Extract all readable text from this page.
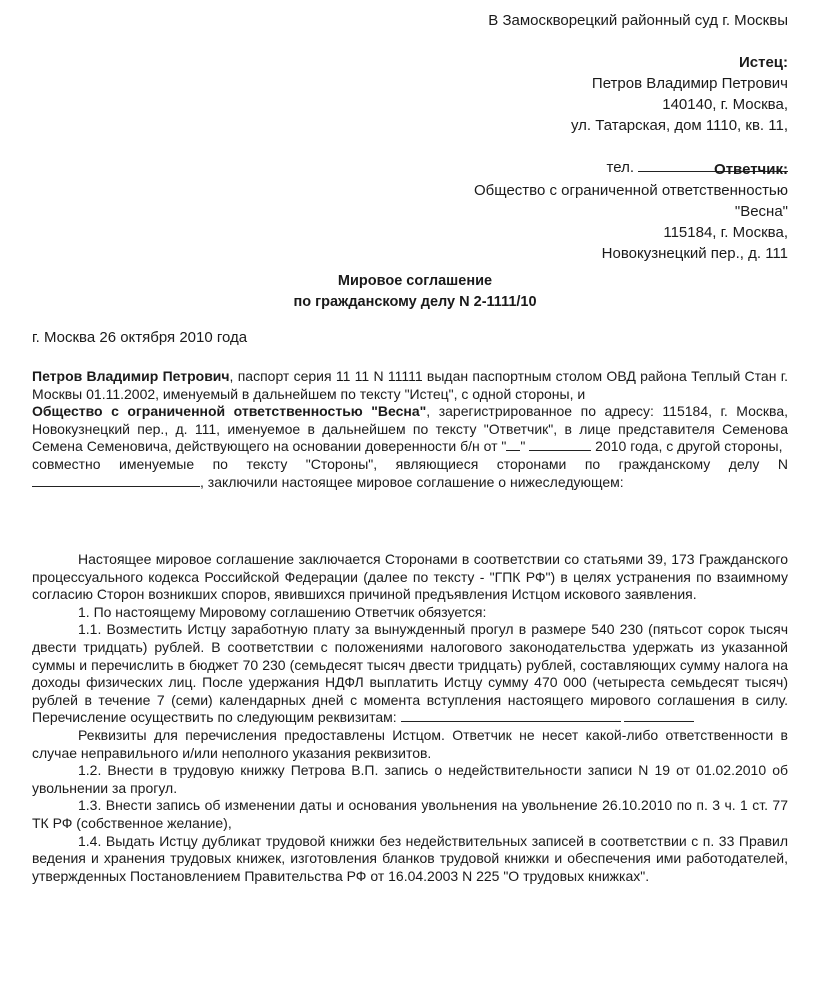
В Замоскворецкий районный суд г. Москвы
Истец:
Петров Владимир Петрович
140140, г. Москва,
ул. Татарская, дом 1110, кв. 11,

тел.
	Ответчик:
Общество с ограниченной ответственностью
"Весна"
115184, г. Москва,
Новокузнецкий пер., д. 111
Мировое соглашение
по гражданскому делу N 2-1111/10
г. Москва 26 октября 2010 года
Петров Владимир Петрович, паспорт серия 11 11 N 11111 выдан паспортным столом ОВД района Теплый Стан г. Москвы 01.11.2002, именуемый в дальнейшем по тексту "Истец", с одной стороны, и
Общество с ограниченной ответственностью "Весна", зарегистрированное по адресу: 115184, г. Москва, Новокузнецкий пер., д. 111, именуемое в дальнейшем по тексту "Ответчик", в лице представителя Семенова Семена Семеновича, действующего на основании доверенности б/н от " "	2010 года, с другой стороны,
совместно именуемые по тексту "Стороны", являющиеся сторонами по гражданскому делу N , заключили настоящее мировое соглашение о нижеследующем:
Настоящее мировое соглашение заключается Сторонами в соответствии со статьями 39, 173 Гражданского процессуального кодекса Российской Федерации (далее по тексту - "ГПК РФ") в целях устранения по взаимному согласию Сторон возникших споров, явившихся причиной предъявления Истцом искового заявления.
1. По настоящему Мировому соглашению Ответчик обязуется:
1.1. Возместить Истцу заработную плату за вынужденный прогул в размере 540 230 (пятьсот сорок тысяч двести тридцать) рублей. В соответствии с положениями налогового законодательства удержать из указанной суммы и перечислить в бюджет 70 230 (семьдесят тысяч двести тридцать) рублей, составляющих сумму налога на доходы физических лиц. После удержания НДФЛ выплатить Истцу сумму 470 000 (четыреста семьдесят тысяч) рублей в течение 7 (семи) календарных дней с момента вступления настоящего мирового соглашения в силу. Перечисление осуществить по следующим реквизитам:
Реквизиты для перечисления предоставлены Истцом. Ответчик не несет какой-либо ответственности в случае неправильного и/или неполного указания реквизитов.
1.2. Внести в трудовую книжку Петрова В.П. запись о недействительности записи N 19 от 01.02.2010 об увольнении за прогул.
1.3. Внести запись об изменении даты и основания увольнения на увольнение 26.10.2010 по п. 3 ч. 1 ст. 77 ТК РФ (собственное желание),
1.4. Выдать Истцу дубликат трудовой книжки без недействительных записей в соответствии с п. 33 Правил ведения и хранения трудовых книжек, изготовления бланков трудовой книжки и обеспечения ими работодателей, утвержденных Постановлением Правительства РФ от 16.04.2003 N 225 "О трудовых книжках".
